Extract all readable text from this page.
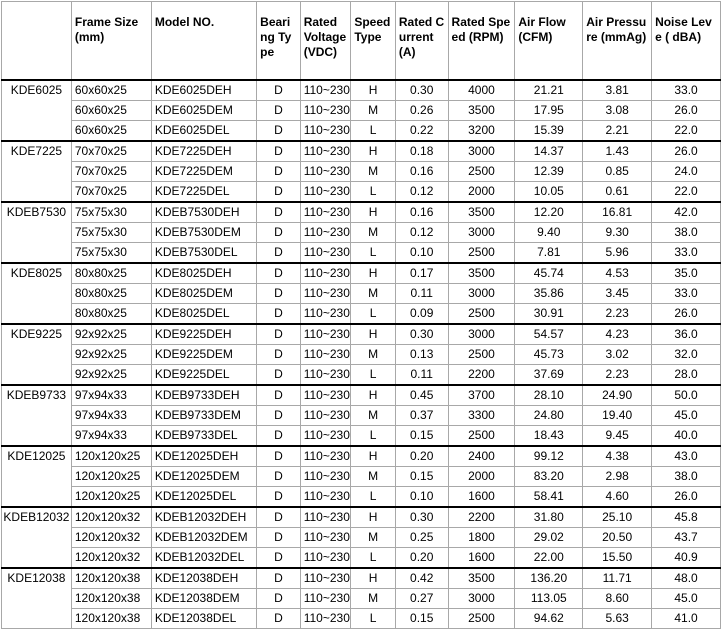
	Frame Size (mm)	Model NO.	Bearing Type	Rated Voltage (VDC)	Speed Type	Rated Current (A)	Rated Speed (RPM)	Air Flow (CFM)	Air Pressure (mmAg)	Noise Leve ( dBA)
KDE6025	60x60x25	KDE6025DEH	D	110~230	H	0.30	4000	21.21	3.81	33.0
	60x60x25	KDE6025DEM	D	110~230	M	0.26	3500	17.95	3.08	26.0
	60x60x25	KDE6025DEL	D	110~230	L	0.22	3200	15.39	2.21	22.0
KDE7225	70x70x25	KDE7225DEH	D	110~230	H	0.18	3000	14.37	1.43	26.0
	70x70x25	KDE7225DEM	D	110~230	M	0.16	2500	12.39	0.85	24.0
	70x70x25	KDE7225DEL	D	110~230	L	0.12	2000	10.05	0.61	22.0
KDEB7530	75x75x30	KDEB7530DEH	D	110~230	H	0.16	3500	12.20	16.81	42.0
	75x75x30	KDEB7530DEM	D	110~230	M	0.12	3000	9.40	9.30	38.0
	75x75x30	KDEB7530DEL	D	110~230	L	0.10	2500	7.81	5.96	33.0
KDE8025	80x80x25	KDE8025DEH	D	110~230	H	0.17	3500	45.74	4.53	35.0
	80x80x25	KDE8025DEM	D	110~230	M	0.11	3000	35.86	3.45	33.0
	80x80x25	KDE8025DEL	D	110~230	L	0.09	2500	30.91	2.23	26.0
KDE9225	92x92x25	KDE9225DEH	D	110~230	H	0.30	3000	54.57	4.23	36.0
	92x92x25	KDE9225DEM	D	110~230	M	0.13	2500	45.73	3.02	32.0
	92x92x25	KDE9225DEL	D	110~230	L	0.11	2200	37.69	2.23	28.0
KDEB9733	97x94x33	KDEB9733DEH	D	110~230	H	0.45	3700	28.10	24.90	50.0
	97x94x33	KDEB9733DEM	D	110~230	M	0.37	3300	24.80	19.40	45.0
	97x94x33	KDEB9733DEL	D	110~230	L	0.15	2500	18.43	9.45	40.0
KDE12025	120x120x25	KDE12025DEH	D	110~230	H	0.20	2400	99.12	4.38	43.0
	120x120x25	KDE12025DEM	D	110~230	M	0.15	2000	83.20	2.98	38.0
	120x120x25	KDE12025DEL	D	110~230	L	0.10	1600	58.41	4.60	26.0
KDEB12032	120x120x32	KDEB12032DEH	D	110~230	H	0.30	2200	31.80	25.10	45.8
	120x120x32	KDEB12032DEM	D	110~230	M	0.25	1800	29.02	20.50	43.7
	120x120x32	KDEB12032DEL	D	110~230	L	0.20	1600	22.00	15.50	40.9
KDE12038	120x120x38	KDE12038DEH	D	110~230	H	0.42	3500	136.20	11.71	48.0
	120x120x38	KDE12038DEM	D	110~230	M	0.27	3000	113.05	8.60	45.0
	120x120x38	KDE12038DEL	D	110~230	L	0.15	2500	94.62	5.63	41.0
